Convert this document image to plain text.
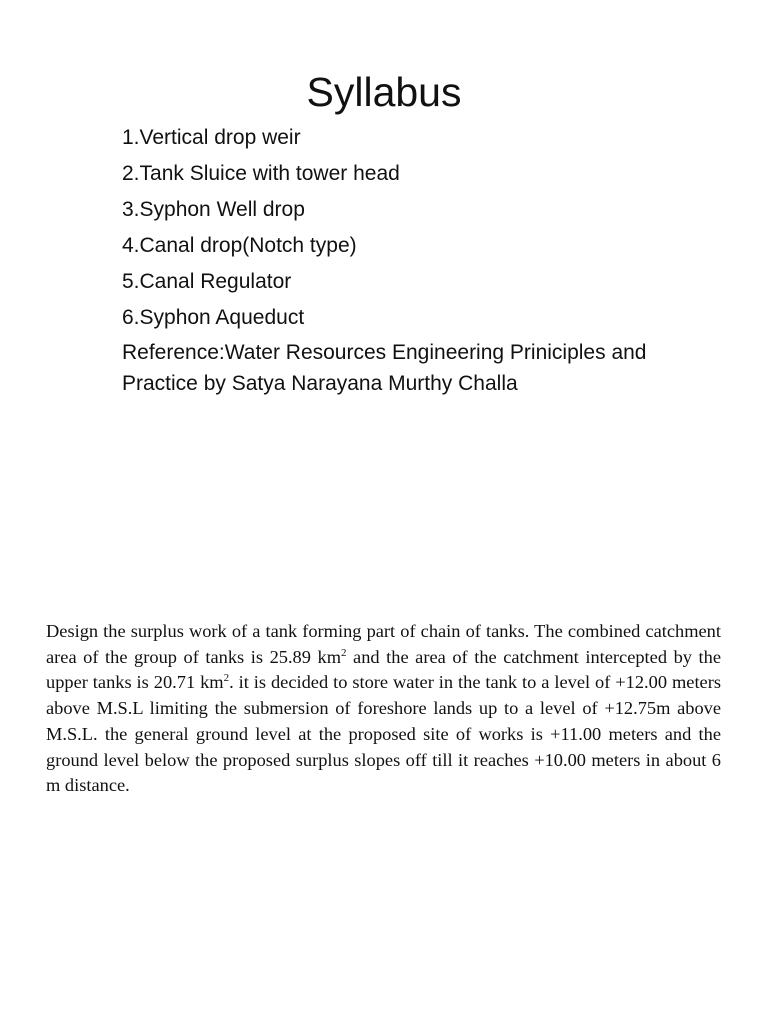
Syllabus
1.Vertical drop weir
2.Tank Sluice with tower head
3.Syphon Well drop
4.Canal drop(Notch type)
5.Canal Regulator
6.Syphon Aqueduct

Reference:Water Resources Engineering Priniciples and Practice by Satya Narayana Murthy Challa

Design the surplus work of a tank forming part of chain of tanks. The combined catchment area of the group of tanks is 25.89 $km^2$ and the area of the catchment intercepted by the upper tanks is 20.71 $km^2$. it is decided to store water in the tank to a level of +12.00 meters above M.S.L limiting the submersion of foreshore lands up to a level of +12.75m above M.S.L. the general ground level at the proposed site of works is +11.00 meters and the ground level below the proposed surplus slopes off till it reaches +10.00 meters in about 6 m distance.
